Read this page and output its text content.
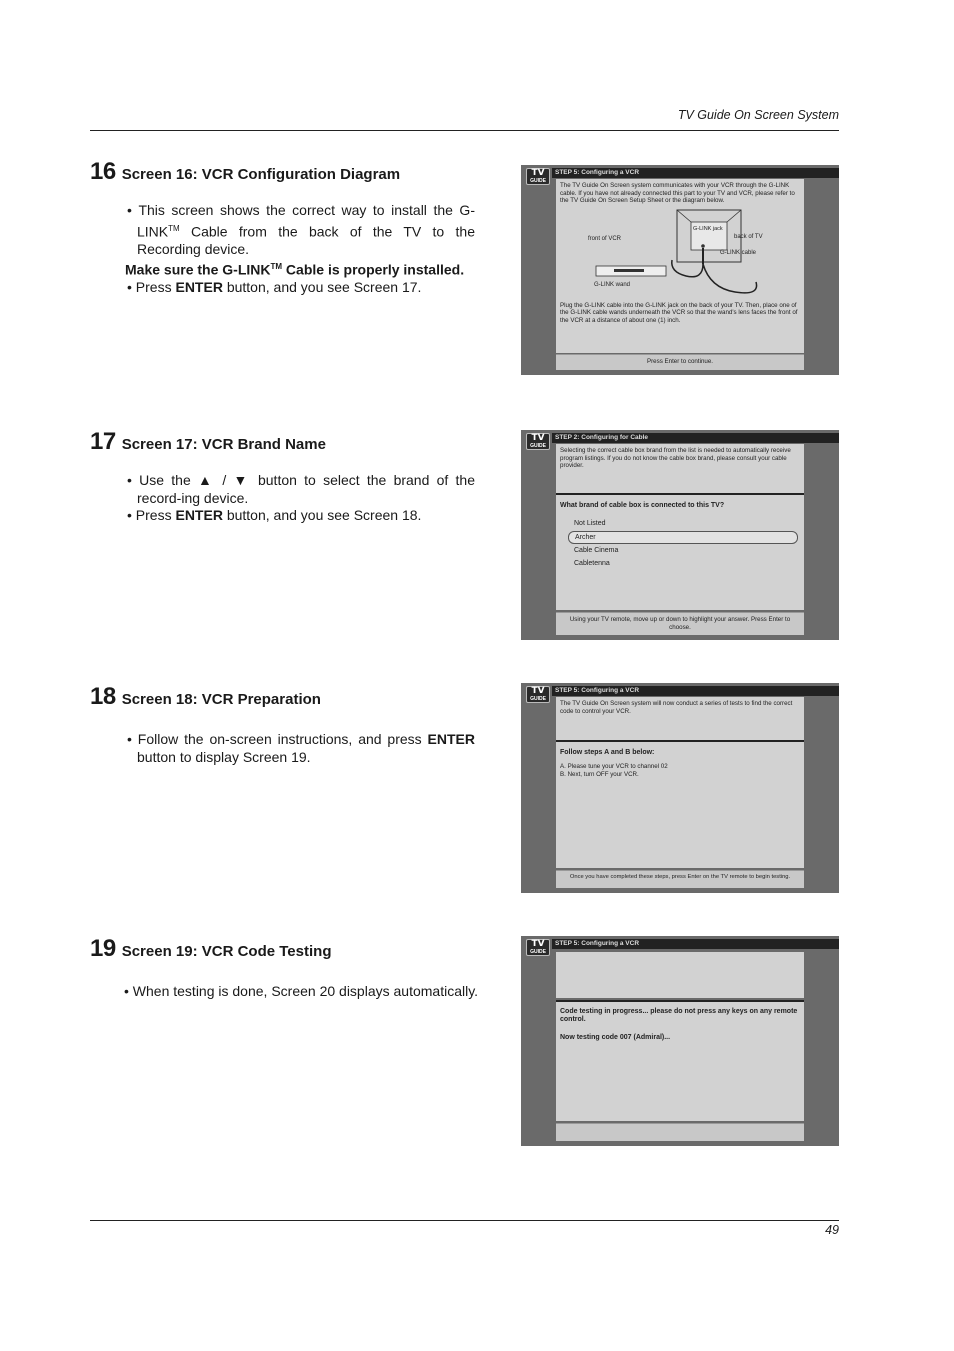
TV Guide On Screen System
16 Screen 16: VCR Configuration Diagram
• This screen shows the correct way to install the G-LINK™ Cable from the back of the TV to the Recording device.
Make sure the G-LINK™ Cable is properly installed.
• Press ENTER button, and you see Screen 17.
TV
GUIDE
STEP 5: Configuring a VCR
The TV Guide On Screen system communicates with your VCR through the G-LINK cable. If you have not already connected this part to your TV and VCR, please refer to the TV Guide On Screen Setup Sheet or the diagram below.
front of VCR
G-LINK jack
back of TV
G-LINK cable
G-LINK wand
Plug the G-LINK cable into the G-LINK jack on the back of your TV. Then, place one of the G-LINK cable wands underneath the VCR so that the wand's lens faces the front of the VCR at a distance of about one (1) inch.
Press Enter to continue.
17 Screen 17: VCR Brand Name
• Use the ▲ / ▼ button to select the brand of the record-ing device.
• Press ENTER button, and you see Screen 18.
TV
GUIDE
STEP 2: Configuring for Cable
Selecting the correct cable box brand from the list is needed to automatically receive program listings. If you do not know the cable box brand, please consult your cable provider.
What brand of cable box is connected to this TV?
Not Listed
Archer
Cable Cinema
Cabletenna
Using your TV remote, move up or down to highlight your answer. Press Enter to choose.
18 Screen 18: VCR Preparation
• Follow the on-screen instructions, and press ENTER button to display Screen 19.
TV
GUIDE
STEP 5: Configuring a VCR
The TV Guide On Screen system will now conduct a series of tests to find the correct code to control your VCR.
Follow steps A and B below:
A. Please tune your VCR to channel 02
B. Next, turn OFF your VCR.
Once you have completed these steps, press Enter on the TV remote to begin testing.
19 Screen 19: VCR Code Testing
• When testing is done, Screen 20 displays automatically.
TV
GUIDE
STEP 5: Configuring a VCR
Code testing in progress... please do not press any keys on any remote control.
Now testing code 007 (Admiral)...
49
